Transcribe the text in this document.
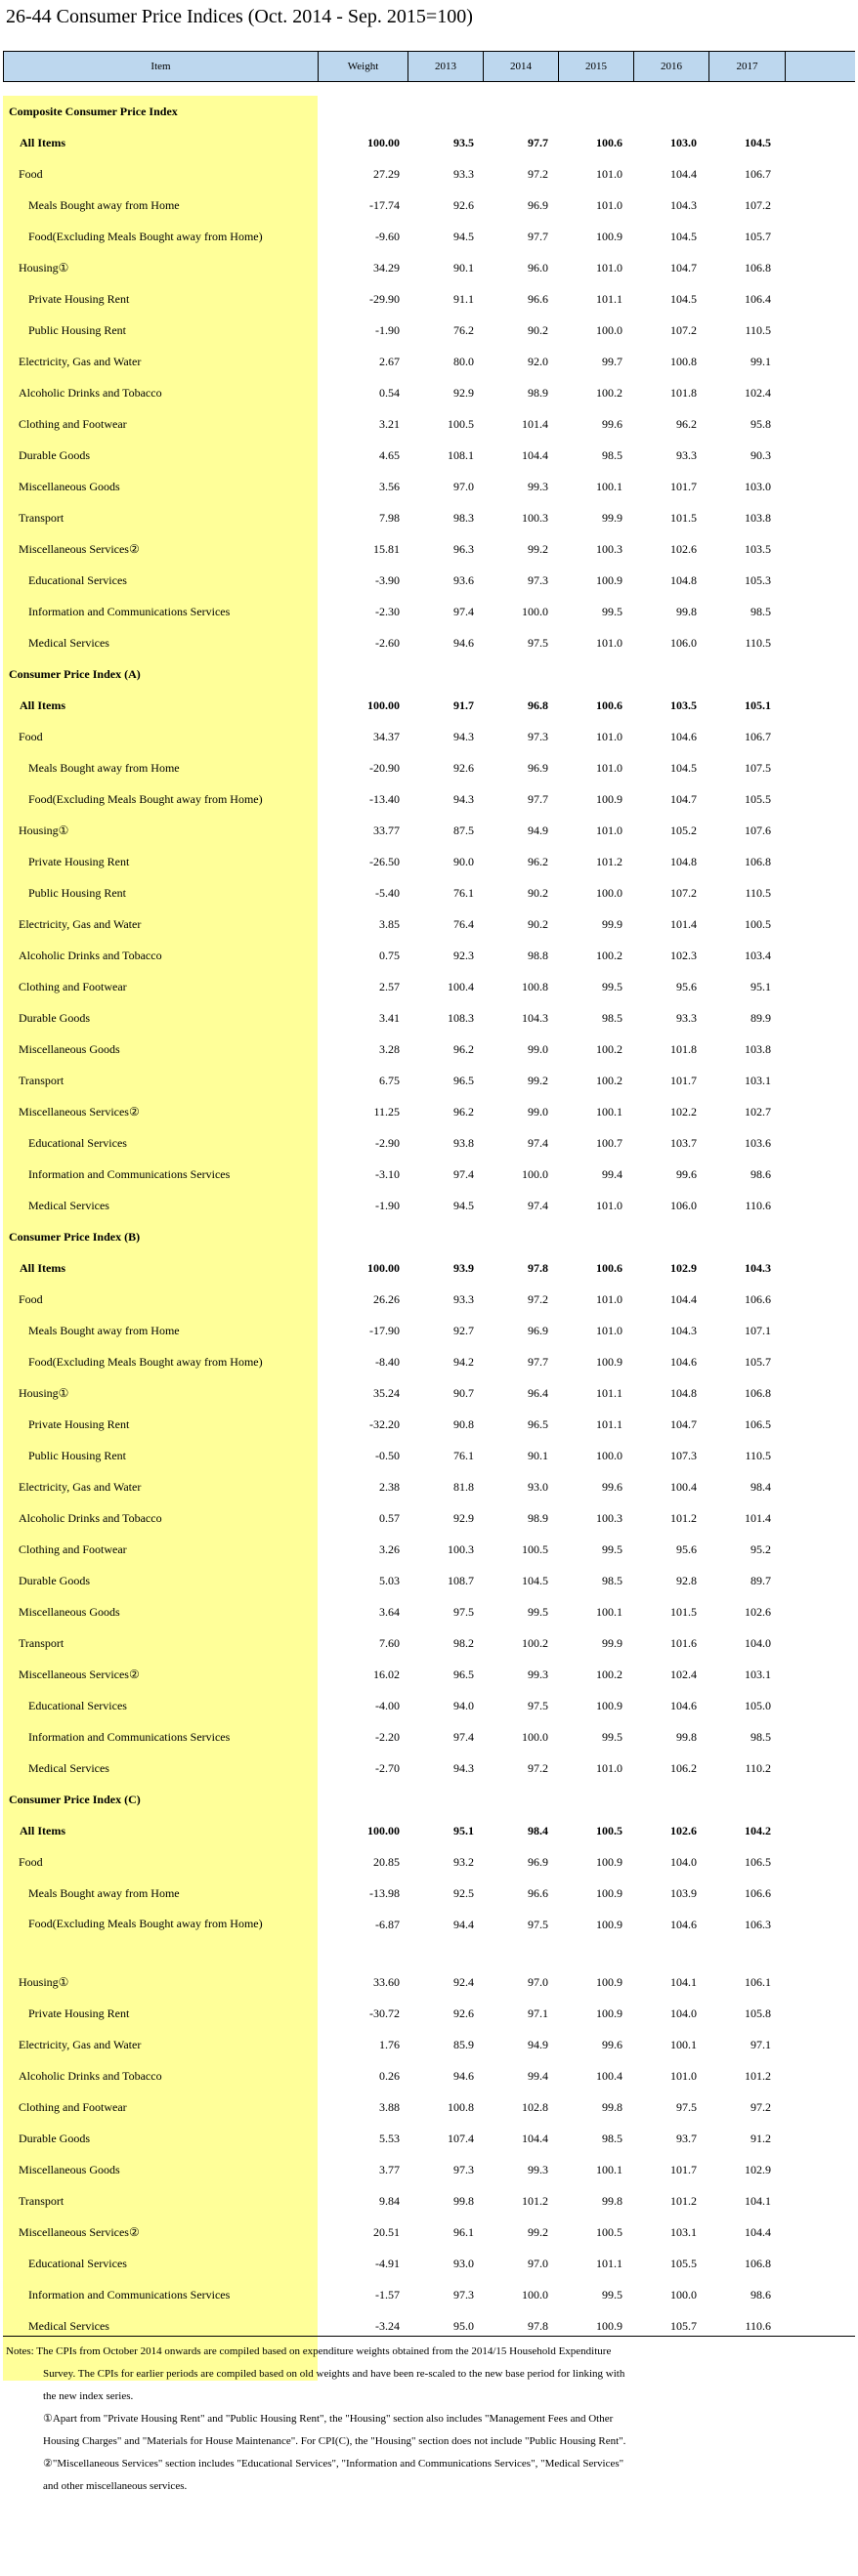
26-44 Consumer Price Indices (Oct. 2014 - Sep. 2015=100)
Item	Weight	2013	2014	2015	2016	2017
Composite Consumer Price Index
All Items	100.00	93.5	97.7	100.6	103.0	104.5
Food	27.29	93.3	97.2	101.0	104.4	106.7
Meals Bought away from Home	-17.74	92.6	96.9	101.0	104.3	107.2
Food(Excluding Meals Bought away from Home)	-9.60	94.5	97.7	100.9	104.5	105.7
Housing①	34.29	90.1	96.0	101.0	104.7	106.8
Private Housing Rent	-29.90	91.1	96.6	101.1	104.5	106.4
Public Housing Rent	-1.90	76.2	90.2	100.0	107.2	110.5
Electricity, Gas and Water	2.67	80.0	92.0	99.7	100.8	99.1
Alcoholic Drinks and Tobacco	0.54	92.9	98.9	100.2	101.8	102.4
Clothing and Footwear	3.21	100.5	101.4	99.6	96.2	95.8
Durable Goods	4.65	108.1	104.4	98.5	93.3	90.3
Miscellaneous Goods	3.56	97.0	99.3	100.1	101.7	103.0
Transport	7.98	98.3	100.3	99.9	101.5	103.8
Miscellaneous Services②	15.81	96.3	99.2	100.3	102.6	103.5
Educational Services	-3.90	93.6	97.3	100.9	104.8	105.3
Information and Communications Services	-2.30	97.4	100.0	99.5	99.8	98.5
Medical Services	-2.60	94.6	97.5	101.0	106.0	110.5
Consumer Price Index (A)
All Items	100.00	91.7	96.8	100.6	103.5	105.1
Food	34.37	94.3	97.3	101.0	104.6	106.7
Meals Bought away from Home	-20.90	92.6	96.9	101.0	104.5	107.5
Food(Excluding Meals Bought away from Home)	-13.40	94.3	97.7	100.9	104.7	105.5
Housing①	33.77	87.5	94.9	101.0	105.2	107.6
Private Housing Rent	-26.50	90.0	96.2	101.2	104.8	106.8
Public Housing Rent	-5.40	76.1	90.2	100.0	107.2	110.5
Electricity, Gas and Water	3.85	76.4	90.2	99.9	101.4	100.5
Alcoholic Drinks and Tobacco	0.75	92.3	98.8	100.2	102.3	103.4
Clothing and Footwear	2.57	100.4	100.8	99.5	95.6	95.1
Durable Goods	3.41	108.3	104.3	98.5	93.3	89.9
Miscellaneous Goods	3.28	96.2	99.0	100.2	101.8	103.8
Transport	6.75	96.5	99.2	100.2	101.7	103.1
Miscellaneous Services②	11.25	96.2	99.0	100.1	102.2	102.7
Educational Services	-2.90	93.8	97.4	100.7	103.7	103.6
Information and Communications Services	-3.10	97.4	100.0	99.4	99.6	98.6
Medical Services	-1.90	94.5	97.4	101.0	106.0	110.6
Consumer Price Index (B)
All Items	100.00	93.9	97.8	100.6	102.9	104.3
Food	26.26	93.3	97.2	101.0	104.4	106.6
Meals Bought away from Home	-17.90	92.7	96.9	101.0	104.3	107.1
Food(Excluding Meals Bought away from Home)	-8.40	94.2	97.7	100.9	104.6	105.7
Housing①	35.24	90.7	96.4	101.1	104.8	106.8
Private Housing Rent	-32.20	90.8	96.5	101.1	104.7	106.5
Public Housing Rent	-0.50	76.1	90.1	100.0	107.3	110.5
Electricity, Gas and Water	2.38	81.8	93.0	99.6	100.4	98.4
Alcoholic Drinks and Tobacco	0.57	92.9	98.9	100.3	101.2	101.4
Clothing and Footwear	3.26	100.3	100.5	99.5	95.6	95.2
Durable Goods	5.03	108.7	104.5	98.5	92.8	89.7
Miscellaneous Goods	3.64	97.5	99.5	100.1	101.5	102.6
Transport	7.60	98.2	100.2	99.9	101.6	104.0
Miscellaneous Services②	16.02	96.5	99.3	100.2	102.4	103.1
Educational Services	-4.00	94.0	97.5	100.9	104.6	105.0
Information and Communications Services	-2.20	97.4	100.0	99.5	99.8	98.5
Medical Services	-2.70	94.3	97.2	101.0	106.2	110.2
Consumer Price Index (C)
All Items	100.00	95.1	98.4	100.5	102.6	104.2
Food	20.85	93.2	96.9	100.9	104.0	106.5
Meals Bought away from Home	-13.98	92.5	96.6	100.9	103.9	106.6
Food(Excluding Meals Bought away from Home)	-6.87	94.4	97.5	100.9	104.6	106.3
Housing①	33.60	92.4	97.0	100.9	104.1	106.1
Private Housing Rent	-30.72	92.6	97.1	100.9	104.0	105.8
Electricity, Gas and Water	1.76	85.9	94.9	99.6	100.1	97.1
Alcoholic Drinks and Tobacco	0.26	94.6	99.4	100.4	101.0	101.2
Clothing and Footwear	3.88	100.8	102.8	99.8	97.5	97.2
Durable Goods	5.53	107.4	104.4	98.5	93.7	91.2
Miscellaneous Goods	3.77	97.3	99.3	100.1	101.7	102.9
Transport	9.84	99.8	101.2	99.8	101.2	104.1
Miscellaneous Services②	20.51	96.1	99.2	100.5	103.1	104.4
Educational Services	-4.91	93.0	97.0	101.1	105.5	106.8
Information and Communications Services	-1.57	97.3	100.0	99.5	100.0	98.6
Medical Services	-3.24	95.0	97.8	100.9	105.7	110.6
Notes: The CPIs from October 2014 onwards are compiled based on expenditure weights obtained from the 2014/15 Household Expenditure
Survey. The CPIs for earlier periods are compiled based on old weights and have been re-scaled to the new base period for linking with
the new index series.
①Apart from "Private Housing Rent" and "Public Housing Rent", the "Housing" section also includes "Management Fees and Other
Housing Charges" and "Materials for House Maintenance". For CPI(C), the "Housing" section does not include "Public Housing Rent".
②"Miscellaneous Services" section includes "Educational Services", "Information and Communications Services", "Medical Services"
and other miscellaneous services.
